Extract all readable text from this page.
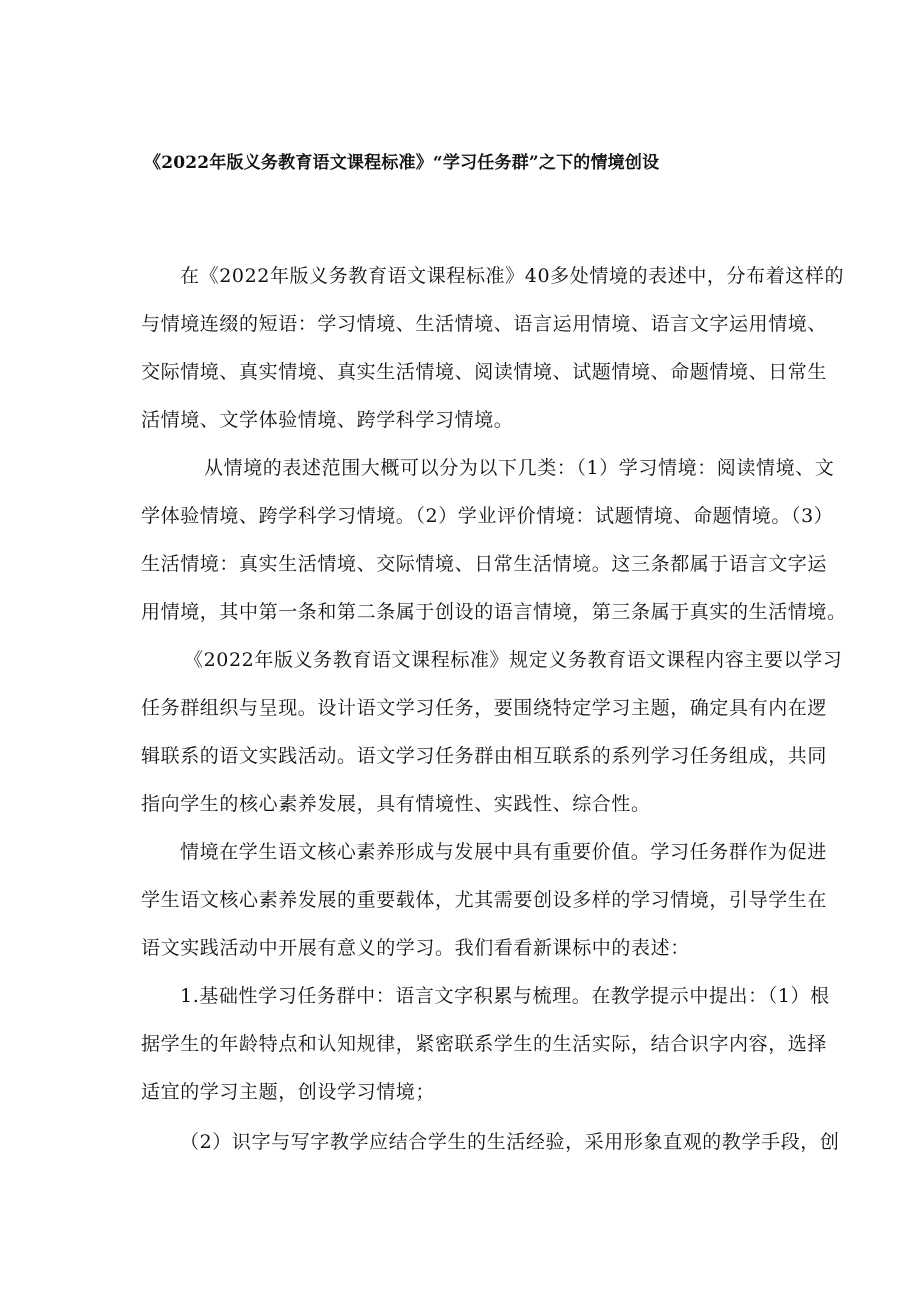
《2022年版义务教育语文课程标准》“学习任务群”之下的情境创设
在《2022年版义务教育语文课程标准》40多处情境的表述中，分布着这样的
与情境连缀的短语：学习情境、生活情境、语言运用情境、语言文字运用情境、
交际情境、真实情境、真实生活情境、阅读情境、试题情境、命题情境、日常生
活情境、文学体验情境、跨学科学习情境。
从情境的表述范围大概可以分为以下几类：（1）学习情境：阅读情境、文
学体验情境、跨学科学习情境。（2）学业评价情境：试题情境、命题情境。（3）
生活情境：真实生活情境、交际情境、日常生活情境。这三条都属于语言文字运
用情境，其中第一条和第二条属于创设的语言情境，第三条属于真实的生活情境。
《2022年版义务教育语文课程标准》规定义务教育语文课程内容主要以学习
任务群组织与呈现。设计语文学习任务，要围绕特定学习主题，确定具有内在逻
辑联系的语文实践活动。语文学习任务群由相互联系的系列学习任务组成，共同
指向学生的核心素养发展，具有情境性、实践性、综合性。
情境在学生语文核心素养形成与发展中具有重要价值。学习任务群作为促进
学生语文核心素养发展的重要载体，尤其需要创设多样的学习情境，引导学生在
语文实践活动中开展有意义的学习。我们看看新课标中的表述：
1.基础性学习任务群中：语言文字积累与梳理。在教学提示中提出：（1）根
据学生的年龄特点和认知规律，紧密联系学生的生活实际，结合识字内容，选择
适宜的学习主题，创设学习情境；
（2）识字与写字教学应结合学生的生活经验，采用形象直观的教学手段，创
